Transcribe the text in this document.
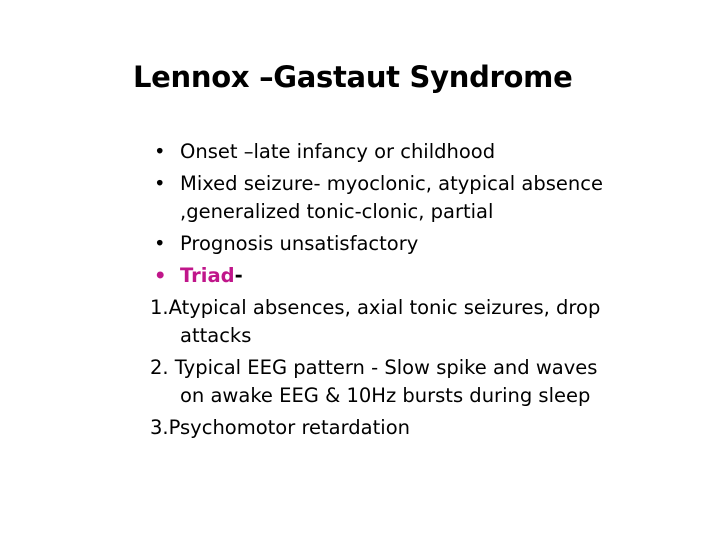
Lennox –Gastaut Syndrome
• Onset –late infancy or childhood
• Mixed seizure- myoclonic, atypical absence
,generalized tonic-clonic, partial
• Prognosis unsatisfactory
• Triad-
1.Atypical absences, axial tonic seizures, drop
attacks
2. Typical EEG pattern - Slow spike and waves
on awake EEG & 10Hz bursts during sleep
3.Psychomotor retardation
